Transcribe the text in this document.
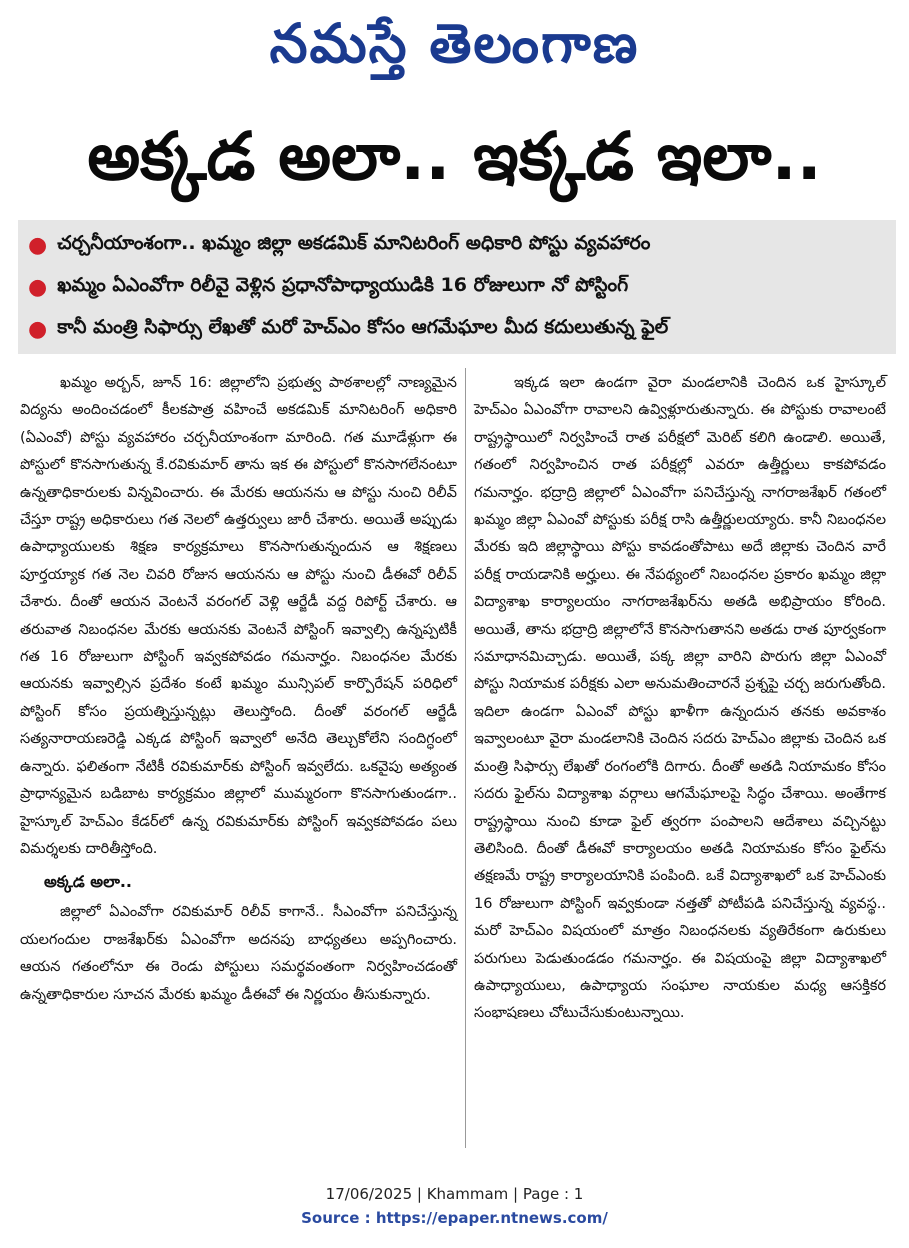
నమస్తే తెలంగాణ
అక్కడ అలా.. ఇక్కడ ఇలా..
● చర్చనీయాంశంగా.. ఖమ్మం జిల్లా అకడమిక్ మానిటరింగ్ అధికారి పోస్టు వ్యవహారం
● ఖమ్మం ఏఎంవోగా రిలీవై వెళ్లిన ప్రధానోపాధ్యాయుడికి 16 రోజులుగా నో పోస్టింగ్
● కానీ మంత్రి సిఫార్సు లేఖతో మరో హెచ్ఎం కోసం ఆగమేఘాల మీద కదులుతున్న ఫైల్

ఖమ్మం అర్బన్, జూన్ 16: జిల్లాలోని ప్రభుత్వ పాఠశాలల్లో నాణ్యమైన విద్యను అందించడంలో కీలకపాత్ర వహించే అకడమిక్ మానిటరింగ్ అధికారి (ఏఎంవో) పోస్టు వ్యవహారం చర్చనీయాంశంగా మారింది. గత మూడేళ్లుగా ఈ పోస్టులో కొనసాగుతున్న కే.రవికుమార్ తాను ఇక ఈ పోస్టులో కొనసాగలేనంటూ ఉన్నతాధికారులకు విన్నవించారు. ఈ మేరకు ఆయనను ఆ పోస్టు నుంచి రిలీవ్ చేస్తూ రాష్ట్ర అధికారులు గత నెలలో ఉత్తర్వులు జారీ చేశారు. అయితే అప్పుడు ఉపాధ్యాయులకు శిక్షణ కార్యక్రమాలు కొనసాగుతున్నందున ఆ శిక్షణలు పూర్తయ్యాక గత నెల చివరి రోజున ఆయనను ఆ పోస్టు నుంచి డీఈవో రిలీవ్ చేశారు. దీంతో ఆయన వెంటనే వరంగల్ వెళ్లి ఆర్జేడీ వద్ద రిపోర్ట్ చేశారు. ఆ తరువాత నిబంధనల మేరకు ఆయనకు వెంటనే పోస్టింగ్ ఇవ్వాల్సి ఉన్నప్పటికీ గత 16 రోజులుగా పోస్టింగ్ ఇవ్వకపోవడం గమనార్హం. నిబంధనల మేరకు ఆయనకు ఇవ్వాల్సిన ప్రదేశం కంటే ఖమ్మం మున్సిపల్ కార్పొరేషన్ పరిధిలో పోస్టింగ్ కోసం ప్రయత్నిస్తున్నట్లు తెలుస్తోంది. దీంతో వరంగల్ ఆర్జేడీ సత్యనారాయణరెడ్డి ఎక్కడ పోస్టింగ్ ఇవ్వాలో అనేది తెల్చుకోలేని సందిగ్ధంలో ఉన్నారు. ఫలితంగా నేటికీ రవికుమార్‌కు పోస్టింగ్ ఇవ్వలేదు. ఒకవైపు అత్యంత ప్రాధాన్యమైన బడిబాట కార్యక్రమం జిల్లాలో ముమ్మరంగా కొనసాగుతుండగా.. హైస్కూల్ హెచ్ఎం కేడర్‌లో ఉన్న రవికుమార్‌కు పోస్టింగ్ ఇవ్వకపోవడం పలు విమర్శలకు దారితీస్తోంది.

అక్కడ అలా..

జిల్లాలో ఏఎంవోగా రవికుమార్ రిలీవ్ కాగానే.. సీఎంవోగా పనిచేస్తున్న యలగందుల రాజశేఖర్‌కు ఏఎంవోగా అదనపు బాధ్యతలు అప్పగించారు. ఆయన గతంలోనూ ఈ రెండు పోస్టులు సమర్థవంతంగా నిర్వహించడంతో ఉన్నతాధికారుల సూచన మేరకు ఖమ్మం డీఈవో ఈ నిర్ణయం తీసుకున్నారు.

ఇక్కడ ఇలా ఉండగా వైరా మండలానికి చెందిన ఒక హైస్కూల్ హెచ్ఎం ఏఎంవోగా రావాలని ఉవ్విళ్లూరుతున్నారు. ఈ పోస్టుకు రావాలంటే రాష్ట్రస్థాయిలో నిర్వహించే రాత పరీక్షలో మెరిట్ కలిగి ఉండాలి. అయితే, గతంలో నిర్వహించిన రాత పరీక్షల్లో ఎవరూ ఉత్తీర్ణులు కాకపోవడం గమనార్హం. భద్రాద్రి జిల్లాలో ఏఎంవోగా పనిచేస్తున్న నాగరాజశేఖర్ గతంలో ఖమ్మం జిల్లా ఏఎంవో పోస్టుకు పరీక్ష రాసి ఉత్తీర్ణులయ్యారు. కానీ నిబంధనల మేరకు ఇది జిల్లాస్థాయి పోస్టు కావడంతోపాటు అదే జిల్లాకు చెందిన వారే పరీక్ష రాయడానికి అర్హులు. ఈ నేపథ్యంలో నిబంధనల ప్రకారం ఖమ్మం జిల్లా విద్యాశాఖ కార్యాలయం నాగరాజశేఖర్‌ను అతడి అభిప్రాయం కోరింది. అయితే, తాను భద్రాద్రి జిల్లాలోనే కొనసాగుతానని అతడు రాత పూర్వకంగా సమాధానమిచ్చాడు. అయితే, పక్క జిల్లా వారిని పొరుగు జిల్లా ఏఎంవో పోస్టు నియామక పరీక్షకు ఎలా అనుమతించారనే ప్రశ్నపై చర్చ జరుగుతోంది. ఇదిలా ఉండగా ఏఎంవో పోస్టు ఖాళీగా ఉన్నందున తనకు అవకాశం ఇవ్వాలంటూ వైరా మండలానికి చెందిన సదరు హెచ్ఎం జిల్లాకు చెందిన ఒక మంత్రి సిఫార్సు లేఖతో రంగంలోకి దిగారు. దీంతో అతడి నియామకం కోసం సదరు ఫైల్‌ను విద్యాశాఖ వర్గాలు ఆగమేఘాలపై సిద్ధం చేశాయి. అంతేగాక రాష్ట్రస్థాయి నుంచి కూడా ఫైల్ త్వరగా పంపాలని ఆదేశాలు వచ్చినట్టు తెలిసింది. దీంతో డీఈవో కార్యాలయం అతడి నియామకం కోసం ఫైల్‌ను తక్షణమే రాష్ట్ర కార్యాలయానికి పంపింది. ఒకే విద్యాశాఖలో ఒక హెచ్ఎంకు 16 రోజులుగా పోస్టింగ్ ఇవ్వకుండా నత్తతో పోటీపడి పనిచేస్తున్న వ్యవస్థ.. మరో హెచ్ఎం విషయంలో మాత్రం నిబంధనలకు వ్యతిరేకంగా ఉరుకులు పరుగులు పెడుతుండడం గమనార్హం. ఈ విషయంపై జిల్లా విద్యాశాఖలో ఉపాధ్యాయులు, ఉపాధ్యాయ సంఘాల నాయకుల మధ్య ఆసక్తికర సంభాషణలు చోటుచేసుకుంటున్నాయి.

17/06/2025 | Khammam | Page : 1
Source : https://epaper.ntnews.com/
